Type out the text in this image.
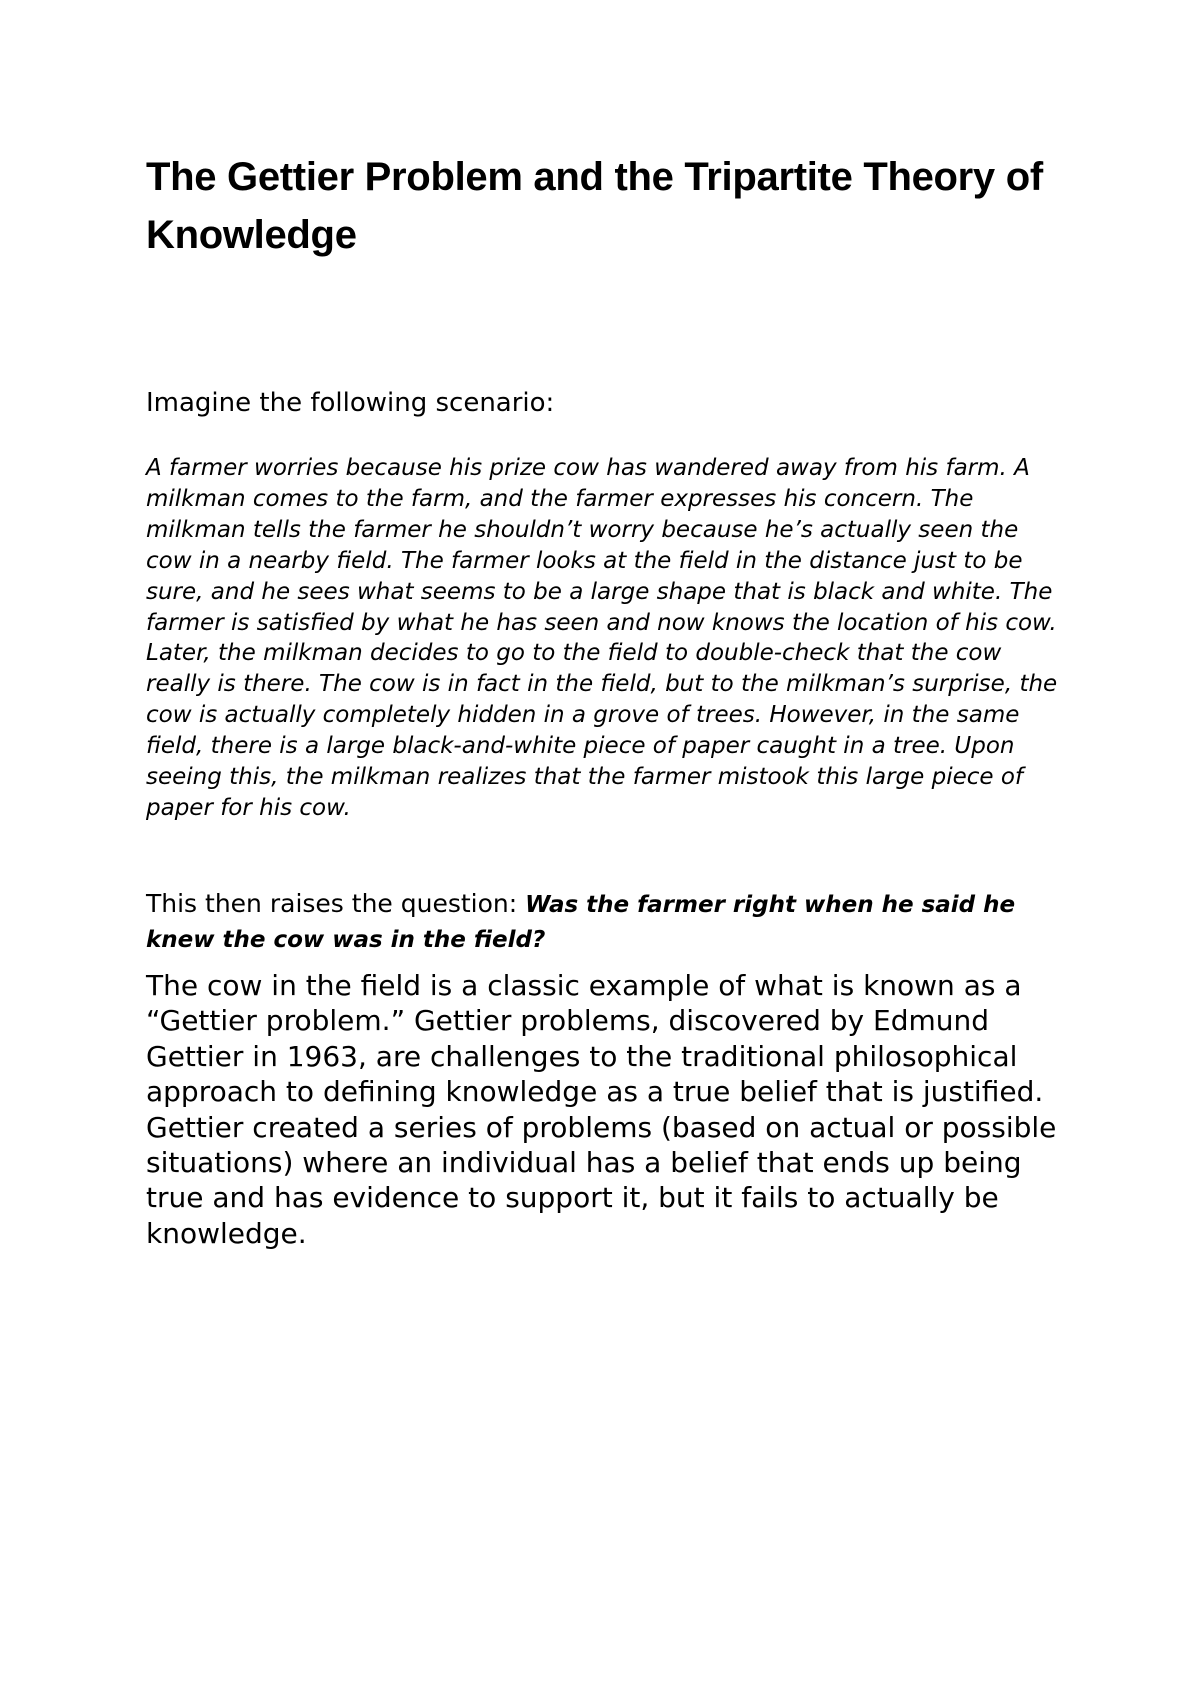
The Gettier Problem and the Tripartite Theory of Knowledge

Imagine the following scenario:

A farmer worries because his prize cow has wandered away from his farm. A milkman comes to the farm, and the farmer expresses his concern. The milkman tells the farmer he shouldn’t worry because he’s actually seen the cow in a nearby field. The farmer looks at the field in the distance just to be sure, and he sees what seems to be a large shape that is black and white. The farmer is satisfied by what he has seen and now knows the location of his cow.

Later, the milkman decides to go to the field to double-check that the cow really is there. The cow is in fact in the field, but to the milkman’s surprise, the cow is actually completely hidden in a grove of trees. However, in the same field, there is a large black-and-white piece of paper caught in a tree. Upon seeing this, the milkman realizes that the farmer mistook this large piece of paper for his cow.

This then raises the question: Was the farmer right when he said he knew the cow was in the field?

The cow in the field is a classic example of what is known as a “Gettier problem.” Gettier problems, discovered by Edmund Gettier in 1963, are challenges to the traditional philosophical approach to defining knowledge as a true belief that is justified. Gettier created a series of problems (based on actual or possible situations) where an individual has a belief that ends up being true and has evidence to support it, but it fails to actually be knowledge.
